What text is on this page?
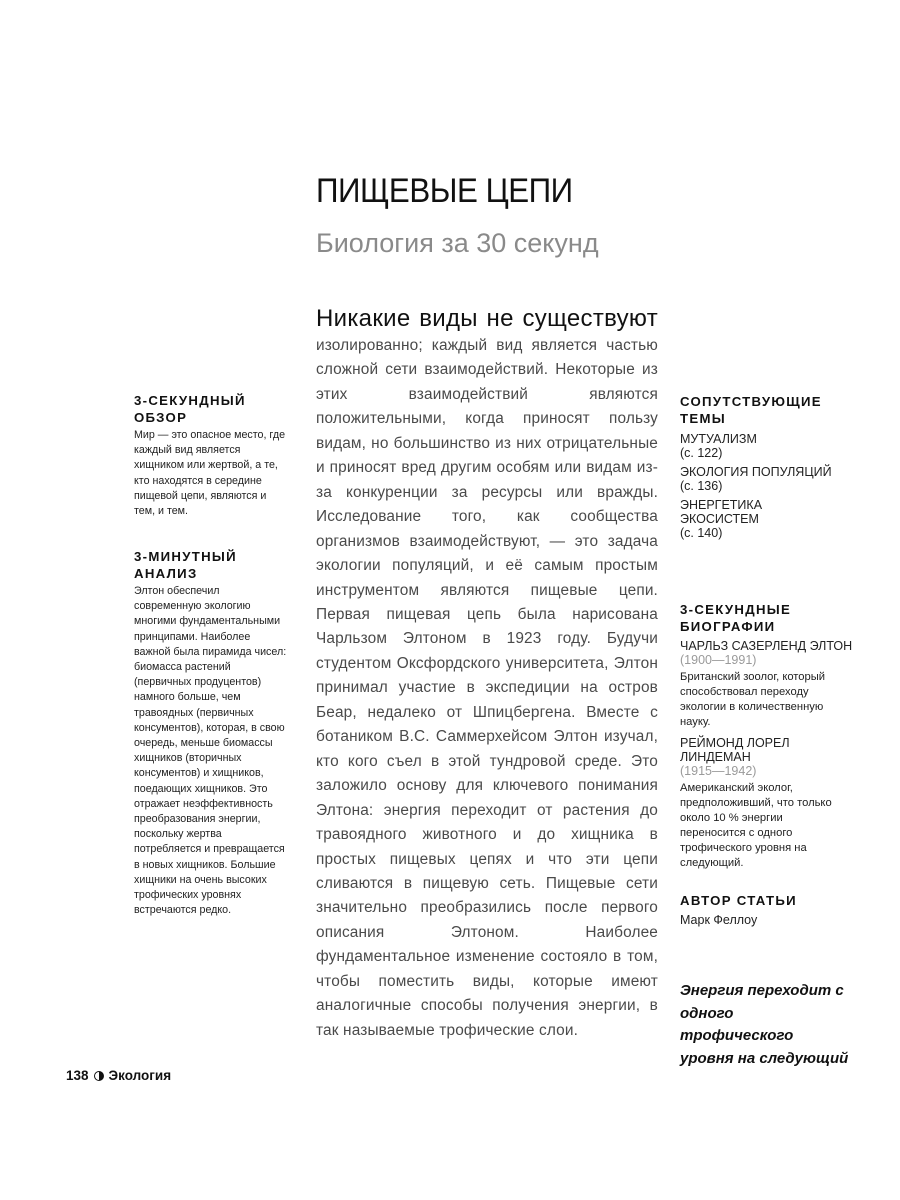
ПИЩЕВЫЕ ЦЕПИ
Биология за 30 секунд

Никакие виды не существуют

изолированно; каждый вид является частью сложной сети взаимодействий. Некоторые из этих взаимодействий являются положительными, когда приносят пользу видам, но большинство из них отрицательные и приносят вред другим особям или видам из-за конкуренции за ресурсы или вражды. Исследование того, как сообщества организмов взаимодействуют, — это задача экологии популяций, и её самым простым инструментом являются пищевые цепи. Первая пищевая цепь была нарисована Чарльзом Элтоном в 1923 году. Будучи студентом Оксфордского университета, Элтон принимал участие в экспедиции на остров Беар, недалеко от Шпицбергена. Вместе с ботаником В.С. Саммерхейсом Элтон изучал, кто кого съел в этой тундровой среде. Это заложило основу для ключевого понимания Элтона: энергия переходит от растения до травоядного животного и до хищника в простых пищевых цепях и что эти цепи сливаются в пищевую сеть. Пищевые сети значительно преобразились после первого описания Элтоном. Наиболее фундаментальное изменение состояло в том, чтобы поместить виды, которые имеют аналогичные способы получения энергии, в так называемые трофические слои.

3-СЕКУНДНЫЙ ОБЗОР

Мир — это опасное место, где каждый вид является хищником или жертвой, а те, кто находятся в середине пищевой цепи, являются и тем, и тем.

3-МИНУТНЫЙ АНАЛИЗ

Элтон обеспечил современную экологию многими фундаментальными принципами. Наиболее важной была пирамида чисел: биомасса растений (первичных продуцентов) намного больше, чем травоядных (первичных консументов), которая, в свою очередь, меньше биомассы хищников (вторичных консументов) и хищников, поедающих хищников. Это отражает неэффективность преобразования энергии, поскольку жертва потребляется и превращается в новых хищников. Большие хищники на очень высоких трофических уровнях встречаются редко.

СОПУТСТВУЮЩИЕ ТЕМЫ
МУТУАЛИЗМ
(с. 122)
ЭКОЛОГИЯ ПОПУЛЯЦИЙ
(с. 136)
ЭНЕРГЕТИКА ЭКОСИСТЕМ
(с. 140)
3-СЕКУНДНЫЕ БИОГРАФИИ
ЧАРЛЬЗ САЗЕРЛЕНД ЭЛТОН
(1900—1991)
Британский зоолог, который способствовал переходу экологии в количественную науку.
РЕЙМОНД ЛОРЕЛ ЛИНДЕМАН
(1915—1942)
Американский эколог, предположивший, что только около 10 % энергии переносится с одного трофического уровня на следующий.
АВТОР СТАТЬИ
Марк Феллоу

Энергия переходит с одного трофического уровня на следующий

138 Экология
